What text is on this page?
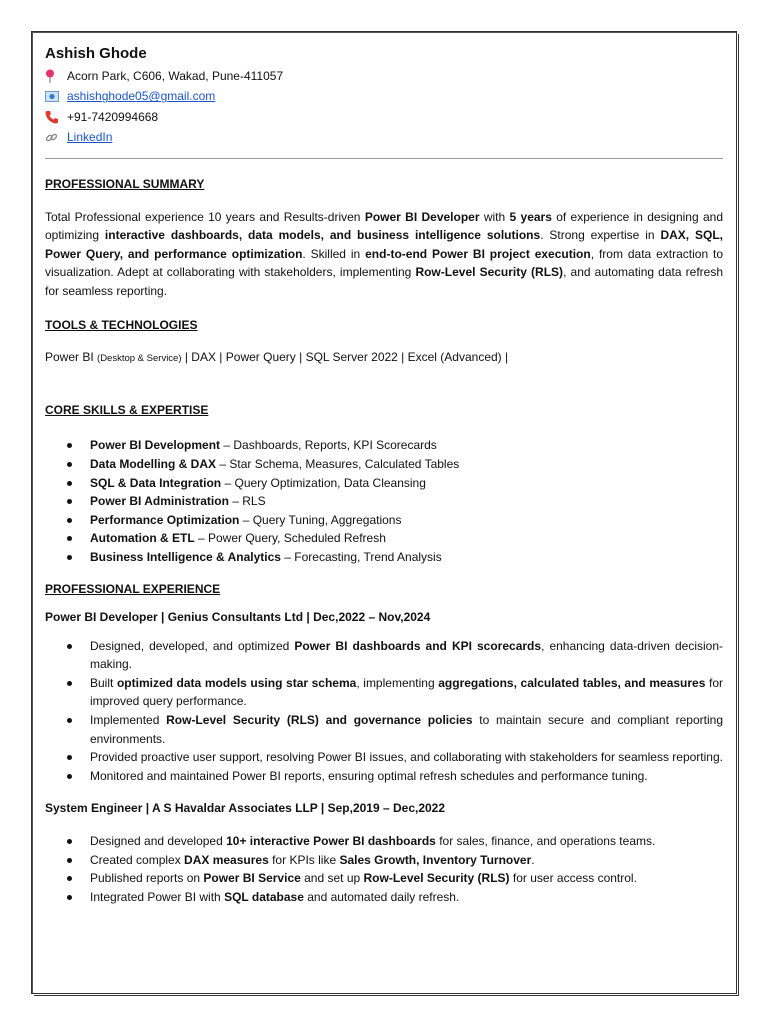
Ashish Ghode
Acorn Park, C606, Wakad, Pune-411057
ashishghode05@gmail.com
+91-7420994668
LinkedIn
PROFESSIONAL SUMMARY
Total Professional experience 10 years and Results-driven Power BI Developer with 5 years of experience in designing and optimizing interactive dashboards, data models, and business intelligence solutions. Strong expertise in DAX, SQL, Power Query, and performance optimization. Skilled in end-to-end Power BI project execution, from data extraction to visualization. Adept at collaborating with stakeholders, implementing Row-Level Security (RLS), and automating data refresh for seamless reporting.
TOOLS & TECHNOLOGIES
Power BI (Desktop & Service) | DAX | Power Query | SQL Server 2022 | Excel (Advanced) |
CORE SKILLS & EXPERTISE
Power BI Development – Dashboards, Reports, KPI Scorecards
Data Modelling & DAX – Star Schema, Measures, Calculated Tables
SQL & Data Integration – Query Optimization, Data Cleansing
Power BI Administration – RLS
Performance Optimization – Query Tuning, Aggregations
Automation & ETL – Power Query, Scheduled Refresh
Business Intelligence & Analytics – Forecasting, Trend Analysis
PROFESSIONAL EXPERIENCE
Power BI Developer | Genius Consultants Ltd | Dec,2022 – Nov,2024
Designed, developed, and optimized Power BI dashboards and KPI scorecards, enhancing data-driven decision-making.
Built optimized data models using star schema, implementing aggregations, calculated tables, and measures for improved query performance.
Implemented Row-Level Security (RLS) and governance policies to maintain secure and compliant reporting environments.
Provided proactive user support, resolving Power BI issues, and collaborating with stakeholders for seamless reporting.
Monitored and maintained Power BI reports, ensuring optimal refresh schedules and performance tuning.
System Engineer | A S Havaldar Associates LLP | Sep,2019 – Dec,2022
Designed and developed 10+ interactive Power BI dashboards for sales, finance, and operations teams.
Created complex DAX measures for KPIs like Sales Growth, Inventory Turnover.
Published reports on Power BI Service and set up Row-Level Security (RLS) for user access control.
Integrated Power BI with SQL database and automated daily refresh.
